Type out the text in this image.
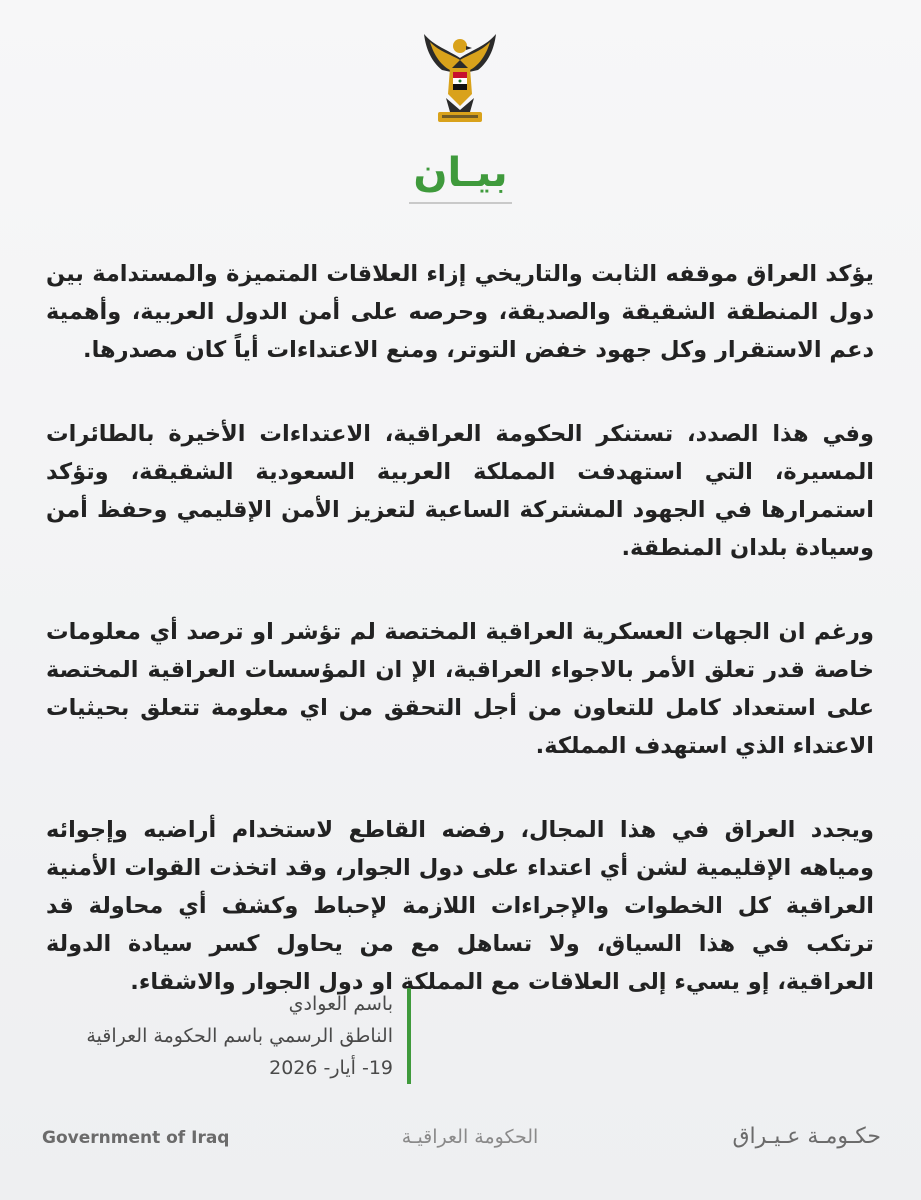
بيـان

يؤكد العراق موقفه الثابت والتاريخي إزاء العلاقات المتميزة والمستدامة بين دول المنطقة الشقيقة والصديقة، وحرصه على أمن الدول العربية، وأهمية دعم الاستقرار وكل جهود خفض التوتر، ومنع الاعتداءات أياً كان مصدرها.

وفي هذا الصدد، تستنكر الحكومة العراقية، الاعتداءات الأخيرة بالطائرات المسيرة، التي استهدفت المملكة العربية السعودية الشقيقة، وتؤكد استمرارها في الجهود المشتركة الساعية لتعزيز الأمن الإقليمي وحفظ أمن وسيادة بلدان المنطقة.

ورغم ان الجهات العسكرية العراقية المختصة لم تؤشر او ترصد أي معلومات خاصة قدر تعلق الأمر بالاجواء العراقية، الإ ان المؤسسات العراقية المختصة على استعداد كامل للتعاون من أجل التحقق من اي معلومة تتعلق بحيثيات الاعتداء الذي استهدف المملكة.

ويجدد العراق في هذا المجال، رفضه القاطع لاستخدام أراضيه وإجوائه ومياهه الإقليمية لشن أي اعتداء على دول الجوار، وقد اتخذت القوات الأمنية العراقية كل الخطوات والإجراءات اللازمة لإحباط وكشف أي محاولة قد ترتكب في هذا السياق، ولا تساهل مع من يحاول كسر سيادة الدولة العراقية، إو يسيء إلى العلاقات مع المملكة او دول الجوار والاشقاء.

باسم العوادي
الناطق الرسمي باسم الحكومة العراقية
19- أيار- 2026
Government of Iraq	الحكومة العراقيـة	حكـومـة عـيـراق
